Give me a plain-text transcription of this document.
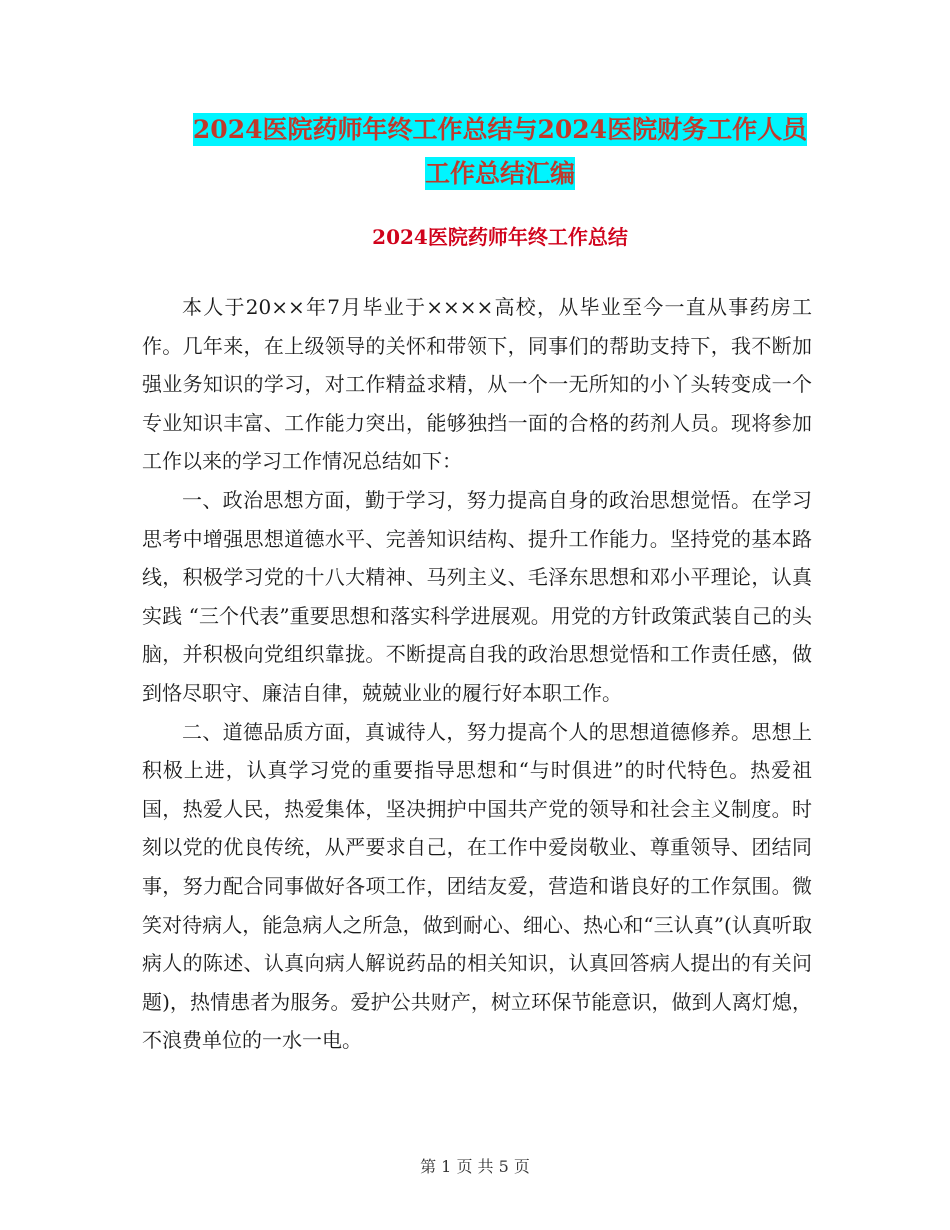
2024医院药师年终工作总结与2024医院财务工作人员
工作总结汇编
2024医院药师年终工作总结

本人于20××年7月毕业于××××高校，从毕业至今一直从事药房工作。几年来，在上级领导的关怀和带领下，同事们的帮助支持下，我不断加强业务知识的学习，对工作精益求精，从一个一无所知的小丫头转变成一个专业知识丰富、工作能力突出，能够独挡一面的合格的药剂人员。现将参加工作以来的学习工作情况总结如下：

一、政治思想方面，勤于学习，努力提高自身的政治思想觉悟。在学习思考中增强思想道德水平、完善知识结构、提升工作能力。坚持党的基本路线，积极学习党的十八大精神、马列主义、毛泽东思想和邓小平理论，认真实践 “三个代表”重要思想和落实科学进展观。用党的方针政策武装自己的头脑，并积极向党组织靠拢。不断提高自我的政治思想觉悟和工作责任感，做到恪尽职守、廉洁自律，兢兢业业的履行好本职工作。

二、道德品质方面，真诚待人，努力提高个人的思想道德修养。思想上积极上进，认真学习党的重要指导思想和“与时俱进”的时代特色。热爱祖国，热爱人民，热爱集体，坚决拥护中国共产党的领导和社会主义制度。时刻以党的优良传统，从严要求自己，在工作中爱岗敬业、尊重领导、团结同事，努力配合同事做好各项工作，团结友爱，营造和谐良好的工作氛围。微笑对待病人，能急病人之所急，做到耐心、细心、热心和“三认真”(认真听取病人的陈述、认真向病人解说药品的相关知识，认真回答病人提出的有关问题)，热情患者为服务。爱护公共财产，树立环保节能意识，做到人离灯熄，不浪费单位的一水一电。

第 1 页 共 5 页
